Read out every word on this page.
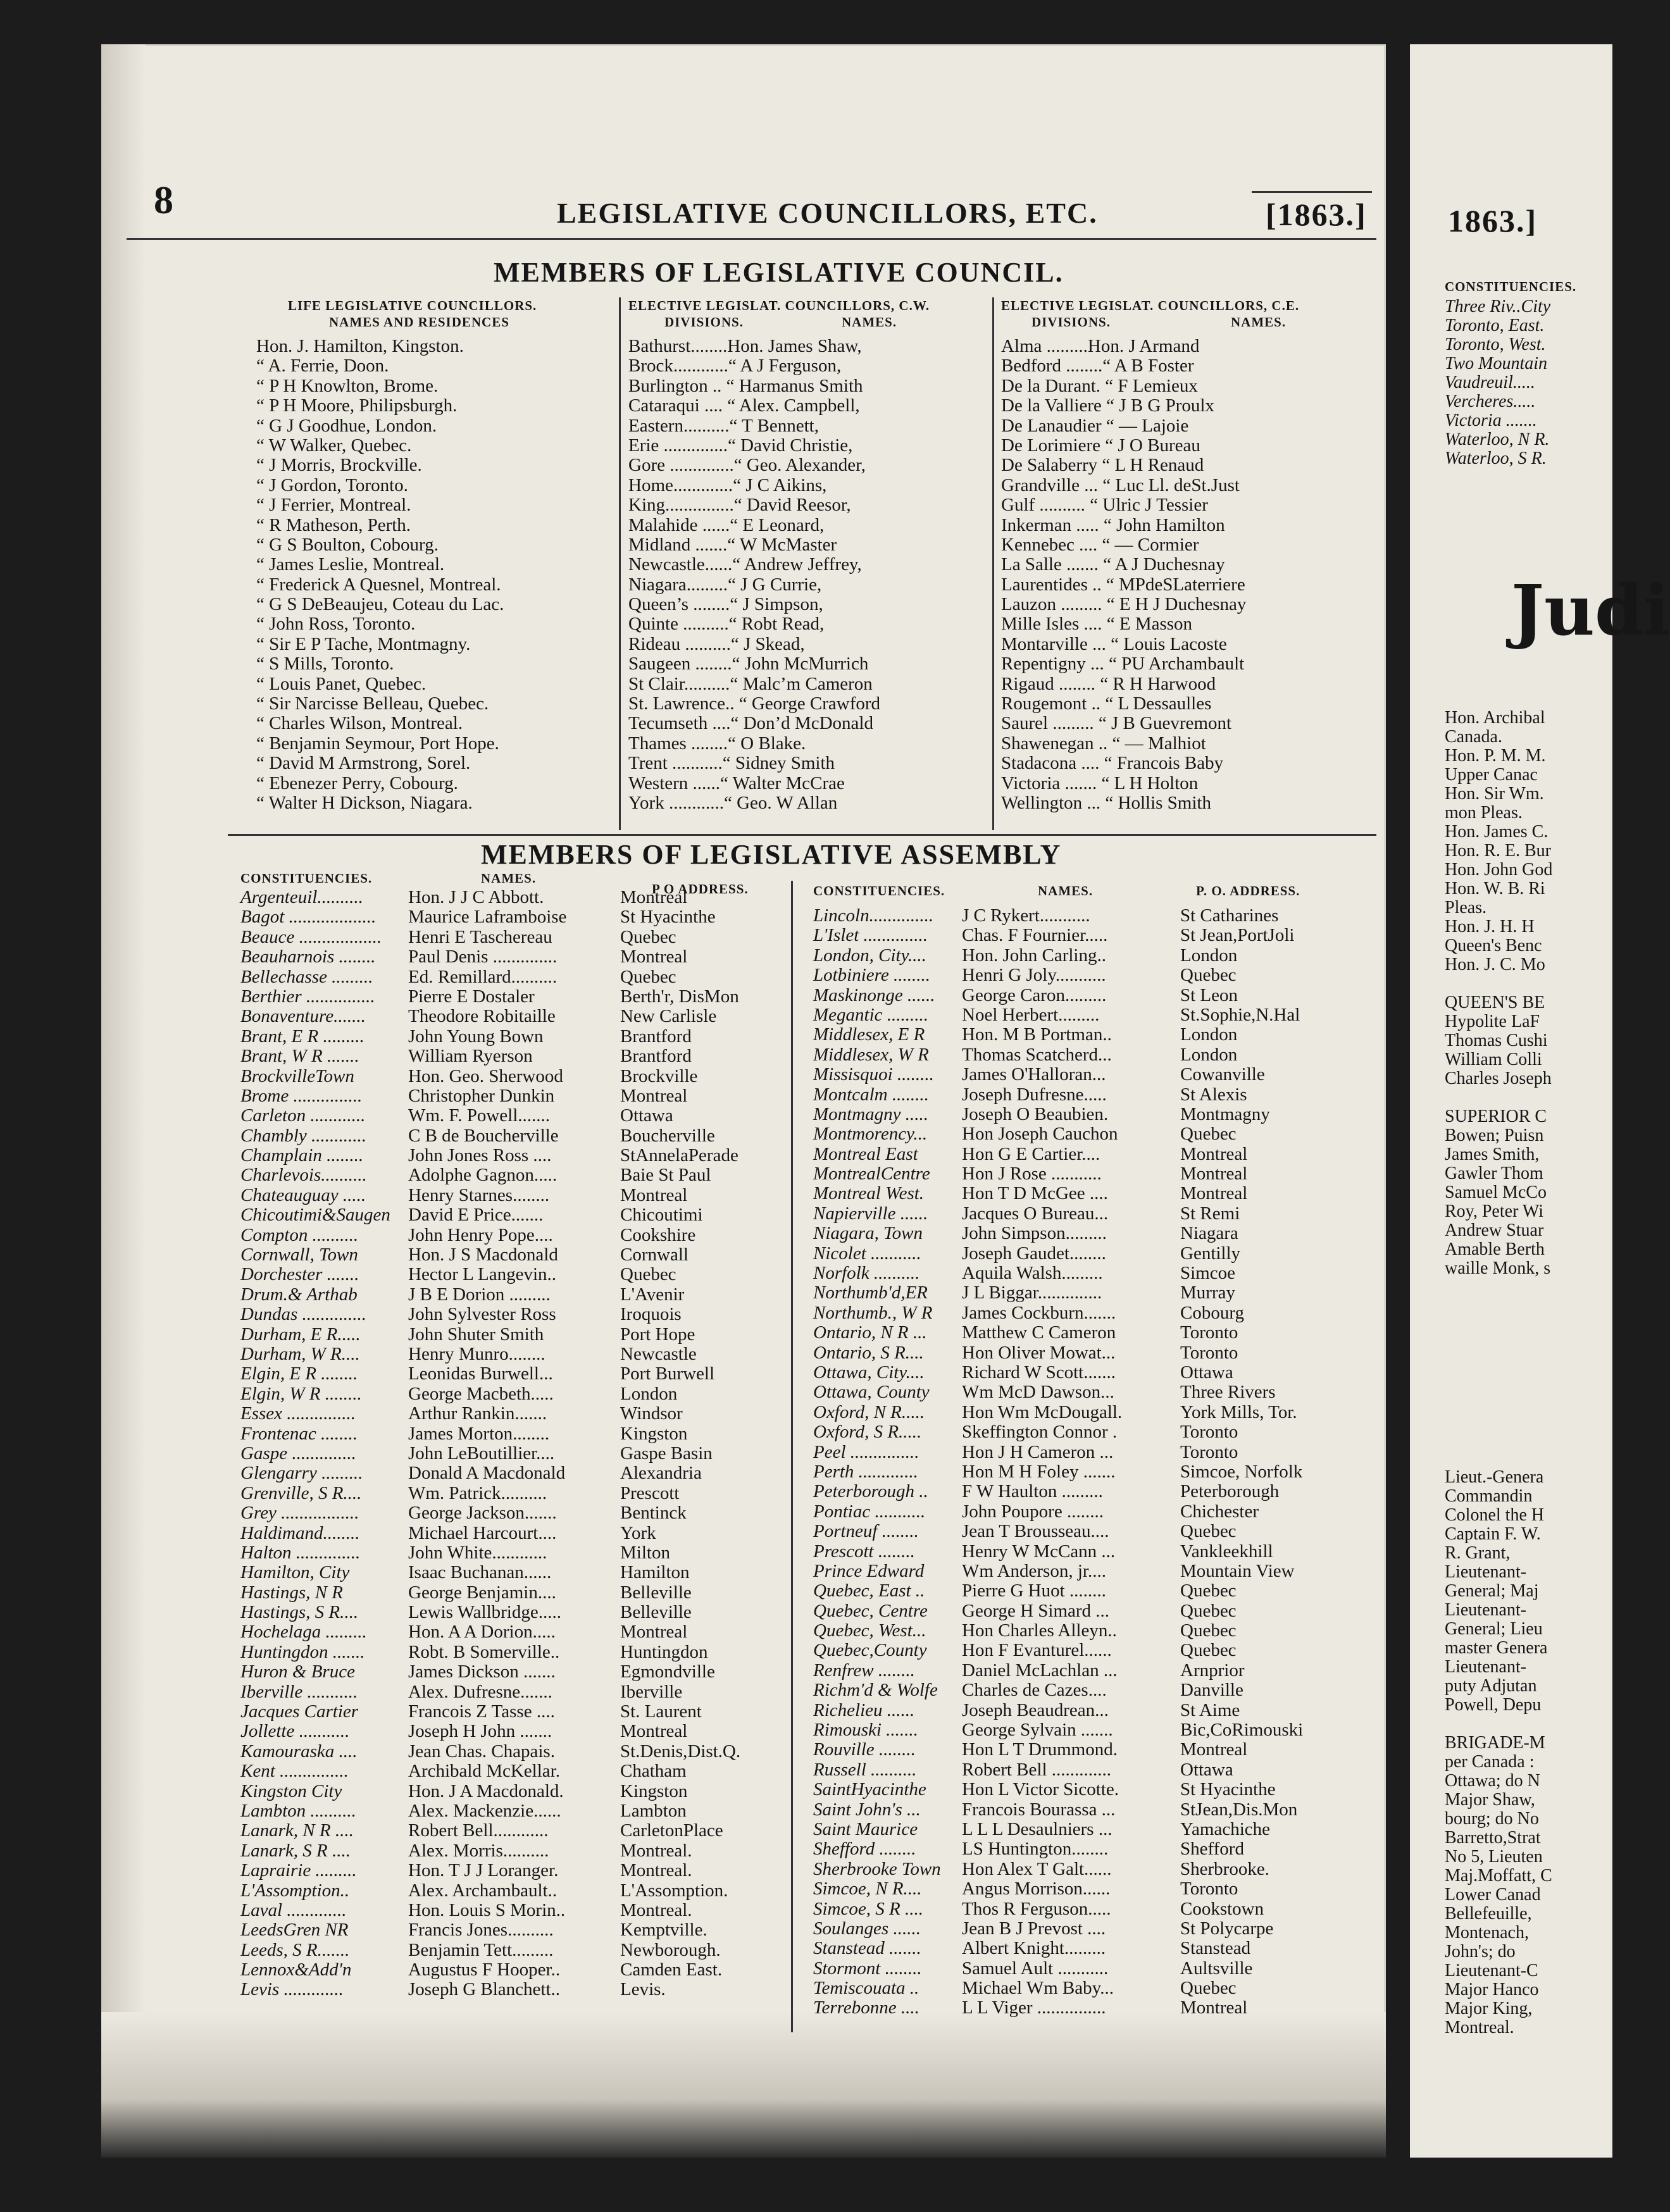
8	LEGISLATIVE COUNCILLORS, ETC.	[1863.]
MEMBERS OF LEGISLATIVE COUNCIL.
LIFE LEGISLATIVE COUNCILLORS.
NAMES AND RESIDENCES
Hon. J. Hamilton, Kingston.
“ A. Ferrie, Doon.
“ P H Knowlton, Brome.
“ P H Moore, Philipsburgh.
“ G J Goodhue, London.
“ W Walker, Quebec.
“ J Morris, Brockville.
“ J Gordon, Toronto.
“ J Ferrier, Montreal.
“ R Matheson, Perth.
“ G S Boulton, Cobourg.
“ James Leslie, Montreal.
“ Frederick A Quesnel, Montreal.
“ G S DeBeaujeu, Coteau du Lac.
“ John Ross, Toronto.
“ Sir E P Tache, Montmagny.
“ S Mills, Toronto.
“ Louis Panet, Quebec.
“ Sir Narcisse Belleau, Quebec.
“ Charles Wilson, Montreal.
“ Benjamin Seymour, Port Hope.
“ David M Armstrong, Sorel.
“ Ebenezer Perry, Cobourg.
“ Walter H Dickson, Niagara.
ELECTIVE LEGISLAT. COUNCILLORS, C.W.
DIVISIONS.	NAMES.
Bathurst........Hon. James Shaw,
Brock............“ A J Ferguson,
Burlington .. “ Harmanus Smith
Cataraqui .... “ Alex. Campbell,
Eastern..........“ T Bennett,
Erie ..............“ David Christie,
Gore ..............“ Geo. Alexander,
Home.............“ J C Aikins,
King...............“ David Reesor,
Malahide ......“ E Leonard,
Midland .......“ W McMaster
Newcastle......“ Andrew Jeffrey,
Niagara.........“ J G Currie,
Queen’s ........“ J Simpson,
Quinte ..........“ Robt Read,
Rideau ..........“ J Skead,
Saugeen ........“ John McMurrich
St Clair..........“ Malc’m Cameron
St. Lawrence.. “ George Crawford
Tecumseth ....“ Don’d McDonald
Thames ........“ O Blake.
Trent ...........“ Sidney Smith
Western ......“ Walter McCrae
York ............“ Geo. W Allan
ELECTIVE LEGISLAT. COUNCILLORS, C.E.
DIVISIONS.	NAMES.
Alma .........Hon. J Armand
Bedford ........“ A B Foster
De la Durant. “ F Lemieux
De la Valliere “ J B G Proulx
De Lanaudier “ — Lajoie
De Lorimiere “ J O Bureau
De Salaberry “ L H Renaud
Grandville ... “ Luc Ll. deSt.Just
Gulf .......... “ Ulric J Tessier
Inkerman ..... “ John Hamilton
Kennebec .... “ — Cormier
La Salle ....... “ A J Duchesnay
Laurentides .. “ MPdeSLaterriere
Lauzon ......... “ E H J Duchesnay
Mille Isles .... “ E Masson
Montarville ... “ Louis Lacoste
Repentigny ... “ PU Archambault
Rigaud ........ “ R H Harwood
Rougemont .. “ L Dessaulles
Saurel ......... “ J B Guevremont
Shawenegan .. “ — Malhiot
Stadacona .... “ Francois Baby
Victoria ....... “ L H Holton
Wellington ... “ Hollis Smith
MEMBERS OF LEGISLATIVE ASSEMBLY
CONSTITUENCIES.	NAMES.
P O ADDRESS.
Argenteuil..........	Hon. J J C Abbott.	Montreal
Bagot ...................	Maurice Laframboise	St Hyacinthe
Beauce ..................	Henri E Taschereau	Quebec
Beauharnois ........	Paul Denis ..............	Montreal
Bellechasse .........	Ed. Remillard..........	Quebec
Berthier ...............	Pierre E Dostaler	Berth'r, DisMon
Bonaventure.......	Theodore Robitaille	New Carlisle
Brant, E R .........	John Young Bown	Brantford
Brant, W R .......	William Ryerson	Brantford
BrockvilleTown	Hon. Geo. Sherwood	Brockville
Brome ...............	Christopher Dunkin	Montreal
Carleton ............	Wm. F. Powell.......	Ottawa
Chambly ............	C B de Boucherville	Boucherville
Champlain ........	John Jones Ross ....	StAnnelaPerade
Charlevois..........	Adolphe Gagnon.....	Baie St Paul
Chateauguay .....	Henry Starnes........	Montreal
Chicoutimi&Saugen David E Price.......	Chicoutimi
Compton ..........	John Henry Pope....	Cookshire
Cornwall, Town	Hon. J S Macdonald	Cornwall
Dorchester .......	Hector L Langevin..	Quebec
Drum.& Arthab	J B E Dorion .........	L'Avenir
Dundas ..............	John Sylvester Ross	Iroquois
Durham, E R.....	John Shuter Smith	Port Hope
Durham, W R....	Henry Munro........	Newcastle
Elgin, E R ........	Leonidas Burwell...	Port Burwell
Elgin, W R ........	George Macbeth.....	London
Essex ...............	Arthur Rankin.......	Windsor
Frontenac ........	James Morton........	Kingston
Gaspe ..............	John LeBoutillier....	Gaspe Basin
Glengarry .........	Donald A Macdonald	Alexandria
Grenville, S R....	Wm. Patrick..........	Prescott
Grey .................	George Jackson.......	Bentinck
Haldimand........	Michael Harcourt....	York
Halton ..............	John White............	Milton
Hamilton, City	Isaac Buchanan......	Hamilton
Hastings, N R	George Benjamin....	Belleville
Hastings, S R....	Lewis Wallbridge.....	Belleville
Hochelaga .........	Hon. A A Dorion.....	Montreal
Huntingdon .......	Robt. B Somerville..	Huntingdon
Huron & Bruce	James Dickson .......	Egmondville
Iberville ...........	Alex. Dufresne.......	Iberville
Jacques Cartier	Francois Z Tasse ....	St. Laurent
Jollette ...........	Joseph H John .......	Montreal
Kamouraska ....	Jean Chas. Chapais.	St.Denis,Dist.Q.
Kent ...............	Archibald McKellar.	Chatham
Kingston City	Hon. J A Macdonald.	Kingston
Lambton ..........	Alex. Mackenzie......	Lambton
Lanark, N R ....	Robert Bell............	CarletonPlace
Lanark, S R ....	Alex. Morris..........	Montreal.
Laprairie .........	Hon. T J J Loranger.	Montreal.
L'Assomption..	Alex. Archambault..	L'Assomption.
Laval .............	Hon. Louis S Morin..	Montreal.
LeedsGren NR	Francis Jones..........	Kemptville.
Leeds, S R.......	Benjamin Tett.........	Newborough.
Lennox&Add'n	Augustus F Hooper..	Camden East.
Levis .............	Joseph G Blanchett..	Levis.
CONSTITUENCIES.	NAMES.	P. O. ADDRESS.
Lincoln..............	J C Rykert...........	St Catharines
L'Islet ..............	Chas. F Fournier.....	St Jean,PortJoli
London, City....	Hon. John Carling..	London
Lotbiniere ........	Henri G Joly...........	Quebec
Maskinonge ......	George Caron.........	St Leon
Megantic .........	Noel Herbert.........	St.Sophie,N.Hal
Middlesex, E R	Hon. M B Portman..	London
Middlesex, W R	Thomas Scatcherd...	London
Missisquoi ........	James O'Halloran...	Cowanville
Montcalm ........	Joseph Dufresne.....	St Alexis
Montmagny .....	Joseph O Beaubien.	Montmagny
Montmorency...	Hon Joseph Cauchon	Quebec
Montreal East	Hon G E Cartier....	Montreal
MontrealCentre	Hon J Rose ...........	Montreal
Montreal West.	Hon T D McGee ....	Montreal
Napierville ......	Jacques O Bureau...	St Remi
Niagara, Town	John Simpson.........	Niagara
Nicolet ...........	Joseph Gaudet........	Gentilly
Norfolk ..........	Aquila Walsh.........	Simcoe
Northumb'd,ER	J L Biggar..............	Murray
Northumb., W R	James Cockburn.......	Cobourg
Ontario, N R ...	Matthew C Cameron	Toronto
Ontario, S R....	Hon Oliver Mowat...	Toronto
Ottawa, City....	Richard W Scott.......	Ottawa
Ottawa, County	Wm McD Dawson...	Three Rivers
Oxford, N R.....	Hon Wm McDougall.	York Mills, Tor.
Oxford, S R.....	Skeffington Connor .	Toronto
Peel ...............	Hon J H Cameron ...	Toronto
Perth .............	Hon M H Foley .......	Simcoe, Norfolk
Peterborough ..	F W Haulton .........	Peterborough
Pontiac ...........	John Poupore ........	Chichester
Portneuf ........	Jean T Brousseau....	Quebec
Prescott ........	Henry W McCann ...	Vankleekhill
Prince Edward	Wm Anderson, jr....	Mountain View
Quebec, East ..	Pierre G Huot ........	Quebec
Quebec, Centre	George H Simard ...	Quebec
Quebec, West...	Hon Charles Alleyn..	Quebec
Quebec,County	Hon F Evanturel......	Quebec
Renfrew ........	Daniel McLachlan ...	Arnprior
Richm'd & Wolfe	Charles de Cazes....	Danville
Richelieu ......	Joseph Beaudrean...	St Aime
Rimouski .......	George Sylvain .......	Bic,CoRimouski
Rouville ........	Hon L T Drummond.	Montreal
Russell ..........	Robert Bell .............	Ottawa
SaintHyacinthe	Hon L Victor Sicotte.	St Hyacinthe
Saint John's ...	Francois Bourassa ...	StJean,Dis.Mon
Saint Maurice	L L L Desaulniers ...	Yamachiche
Shefford ........	LS Huntington........	Shefford
Sherbrooke Town	Hon Alex T Galt......	Sherbrooke.
Simcoe, N R....	Angus Morrison......	Toronto
Simcoe, S R ....	Thos R Ferguson.....	Cookstown
Soulanges ......	Jean B J Prevost ....	St Polycarpe
Stanstead .......	Albert Knight.........	Stanstead
Stormont ........	Samuel Ault ...........	Aultsville
Temiscouata ..	Michael Wm Baby...	Quebec
Terrebonne ....	L L Viger ...............	Montreal
1863.]
CONSTITUENCIES.
Three Riv..City
Toronto, East.
Toronto, West.
Two Mountain
Vaudreuil.....
Vercheres.....
Victoria .......
Waterloo, N R.
Waterloo, S R.
Judi
Hon. Archibal
Canada.
Hon. P. M. M.
Upper Canac
Hon. Sir Wm.
mon Pleas.
Hon. James C.
Hon. R. E. Bur
Hon. John God
Hon. W. B. Ri
Pleas.
Hon. J. H. H
Queen's Benc
Hon. J. C. Mo
QUEEN'S BE
Hypolite LaF
Thomas Cushi
William Colli
Charles Joseph
SUPERIOR C
Bowen; Puisn
James Smith,
Gawler Thom
Samuel McCo
Roy, Peter Wi
Andrew Stuar
Amable Berth
waille Monk, s
Lieut.-Genera
Commandin
Colonel the H
Captain F. W.
R. Grant,
Lieutenant-
General; Maj
Lieutenant-
General; Lieu
master Genera
Lieutenant-
puty Adjutan
Powell, Depu
BRIGADE-M
per Canada :
Ottawa; do N
Major Shaw,
bourg; do No
Barretto,Strat
No 5, Lieuten
Maj.Moffatt, C
Lower Canad
Bellefeuille,
Montenach,
John's; do
Lieutenant-C
Major Hanco
Major King,
Montreal.
